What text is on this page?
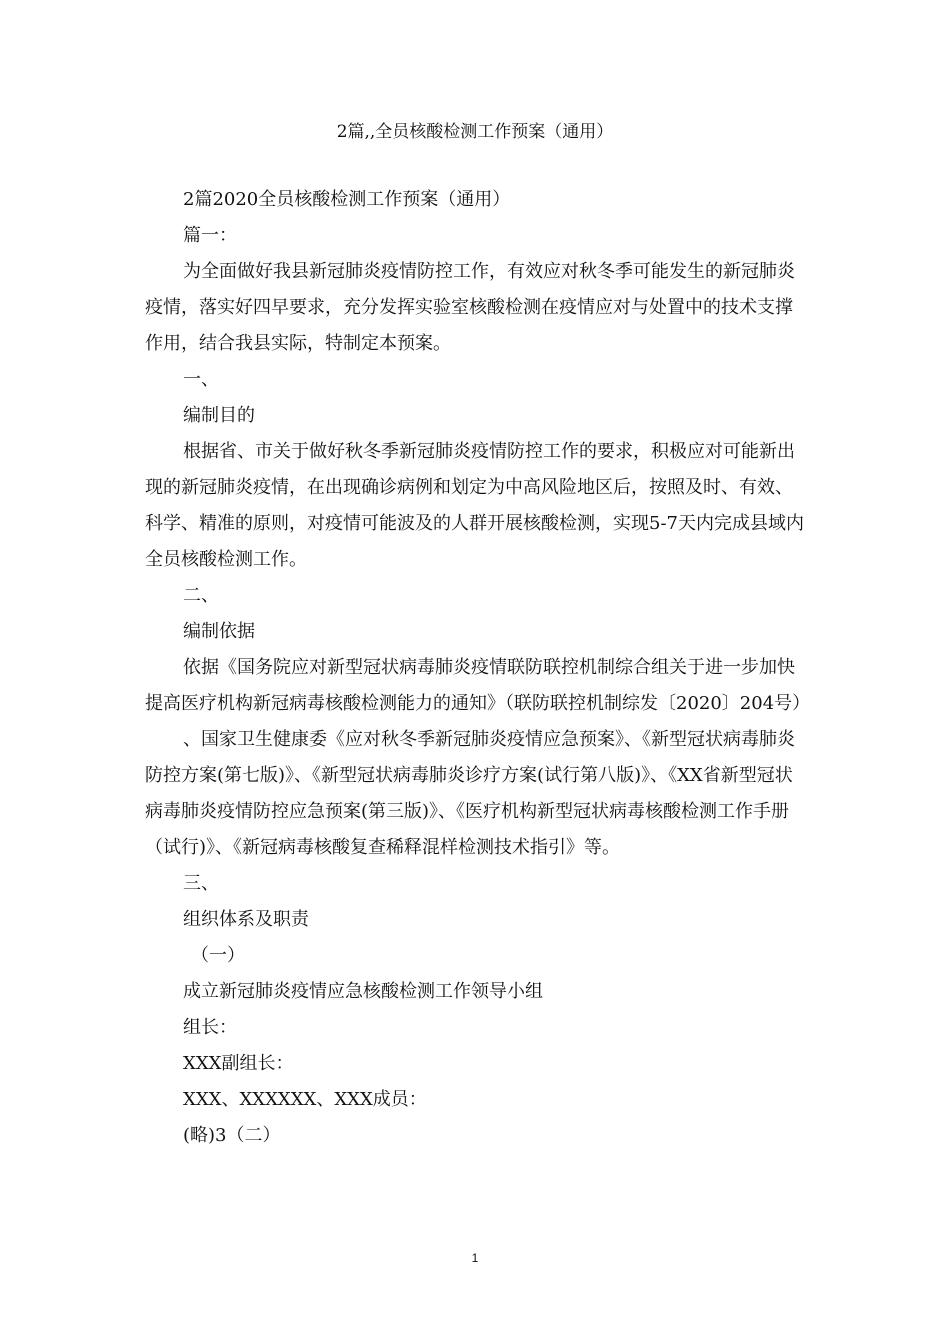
2篇,,全员核酸检测工作预案（通用）

2篇2020全员核酸检测工作预案（通用）

篇一：

为全面做好我县新冠肺炎疫情防控工作，有效应对秋冬季可能发生的新冠肺炎疫情，落实好四早要求，充分发挥实验室核酸检测在疫情应对与处置中的技术支撑作用，结合我县实际，特制定本预案。

一、

编制目的

根据省、市关于做好秋冬季新冠肺炎疫情防控工作的要求，积极应对可能新出现的新冠肺炎疫情，在出现确诊病例和划定为中高风险地区后，按照及时、有效、科学、精准的原则，对疫情可能波及的人群开展核酸检测，实现5-7天内完成县域内全员核酸检测工作。

二、

编制依据

依据《国务院应对新型冠状病毒肺炎疫情联防联控机制综合组关于进一步加快提高医疗机构新冠病毒核酸检测能力的通知》（联防联控机制综发〔2020〕204号）

、国家卫生健康委《应对秋冬季新冠肺炎疫情应急预案》、《新型冠状病毒肺炎防控方案(第七版)》、《新型冠状病毒肺炎诊疗方案(试行第八版)》、《XX省新型冠状病毒肺炎疫情防控应急预案(第三版)》、《医疗机构新型冠状病毒核酸检测工作手册（试行)》、《新冠病毒核酸复查稀释混样检测技术指引》等。

三、

组织体系及职责

（一）

成立新冠肺炎疫情应急核酸检测工作领导小组

组长：

XXX副组长：

XXX、XXXXXX、XXX成员：

(略)3（二）

1
